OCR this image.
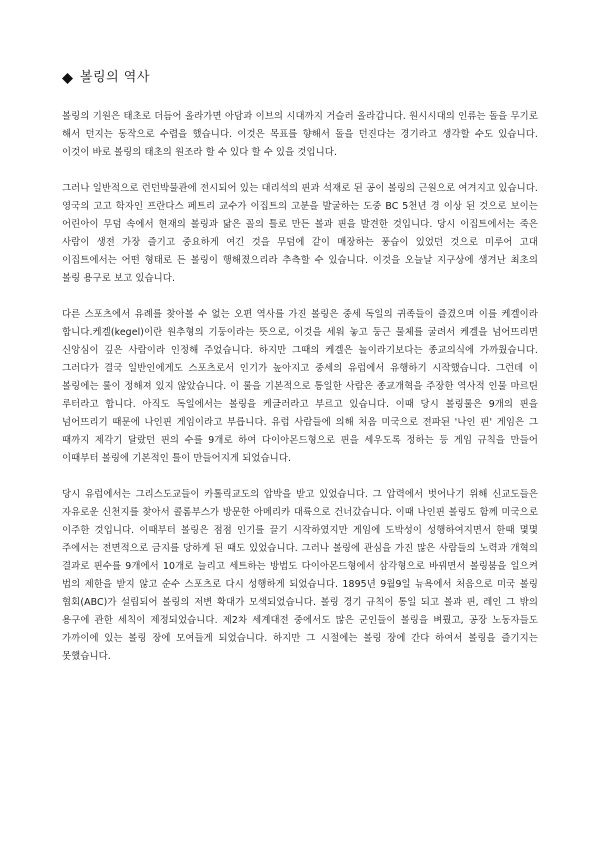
볼링의 역사

볼링의 기원은 태초로 더듬어 올라가면 아담과 이브의 시대까지 거슬러 올라갑니다. 원시시대의 인류는 돌을 무기로 해서 던지는 동작으로 수렵을 했습니다. 이것은 목표를 향해서 돌을 던진다는 경기라고 생각할 수도 있습니다. 이것이 바로 볼링의 태초의 원조라 할 수 있다 할 수 있을 것입니다.

그러나 일반적으로 런던박물관에 전시되어 있는 대리석의 핀과 석재로 된 공이 볼링의 근원으로 여겨지고 있습니다. 영국의 고고 학자인 프란다스 페트리 교수가 이집트의 고분을 발굴하는 도중 BC 5천년 경 이상 된 것으로 보이는 어린아이 무덤 속에서 현재의 볼링과 닮은 꼴의 틀로 만든 볼과 핀을 발견한 것입니다. 당시 이집트에서는 죽은 사람이 생전 가장 즐기고 중요하게 여긴 것을 무덤에 같이 매장하는 풍습이 있었던 것으로 미루어 고대 이집트에서는 어떤 형태로 든 볼링이 행해졌으리라 추측할 수 있습니다. 이것을 오늘날 지구상에 생겨난 최초의 볼링 용구로 보고 있습니다.

다른 스포츠에서 유례를 찾아볼 수 없는 오편 역사를 가진 볼링은 중세 독일의 귀족들이 즐겼으며 이를 케겔이라 합니다.케겔(kegel)이란 원추형의 기둥이라는 뜻으로, 이것을 세워 놓고 둥근 물체를 굴려서 케겔을 넘어뜨리면 신앙심이 깊은 사람이라 인정해 주었습니다. 하지만 그때의 케겔은 놀이라기보다는 종교의식에 가까웠습니다. 그러다가 결국 일반인에게도 스포츠로서 인기가 높아지고 중세의 유럽에서 유행하기 시작했습니다. 그런데 이 볼링에는 룰이 정해져 있지 않았습니다. 이 룰을 기본적으로 통일한 사람은 종교개혁을 주장한 역사적 인물 마르틴 루터라고 합니다. 아직도 독일에서는 볼링을 케글러라고 부르고 있습니다. 이때 당시 볼링룰은 9개의 핀을 넘어뜨리기 때문에 나인핀 게임이라고 부릅니다. 유럽 사람들에 의해 처음 미국으로 전파된 '나인 핀' 게임은 그 때까지 제각기 달랐던 핀의 수를 9개로 하여 다이아몬드형으로 핀을 세우도록 정하는 등 게임 규칙을 만들어 이때부터 볼링에 기본적인 틀이 만들어지게 되었습니다.

당시 유럽에서는 그리스도교들이 카톨릭교도의 압박을 받고 있었습니다. 그 압력에서 벗어나기 위해 신교도들은 자유로운 신천지를 찾아서 콜롬부스가 방문한 아메리카 대륙으로 건너갔습니다. 이때 나인핀 볼링도 함께 미국으로 이주한 것입니다. 이때부터 볼링은 점점 인기를 끌기 시작하였지만 게임에 도박성이 성행하여지면서 한때 몇몇 주에서는 전면적으로 금지를 당하게 된 때도 있었습니다. 그러나 볼링에 관심을 가진 많은 사람들의 노력과 개혁의 결과로 핀수를 9개에서 10개로 늘리고 세트하는 방법도 다이아몬드형에서 삼각형으로 바꿔면서 볼링붐을 일으켜 법의 제한을 받지 않고 순수 스포츠로 다시 성행하게 되었습니다. 1895년 9월9일 뉴욕에서 처음으로 미국 볼링 협회(ABC)가 설립되어 볼링의 저변 확대가 모색되었습니다. 볼링 경기 규칙이 통일 되고 볼과 핀, 레인 그 밖의 용구에 관한 세칙이 제정되었습니다. 제2차 세계대전 중에서도 많은 군인들이 볼링을 벼뤘고, 공장 노동자들도 가까이에 있는 볼링 장에 모여들게 되었습니다. 하지만 그 시절에는 볼링 장에 간다 하여서 볼링을 즐기지는 못했습니다.
